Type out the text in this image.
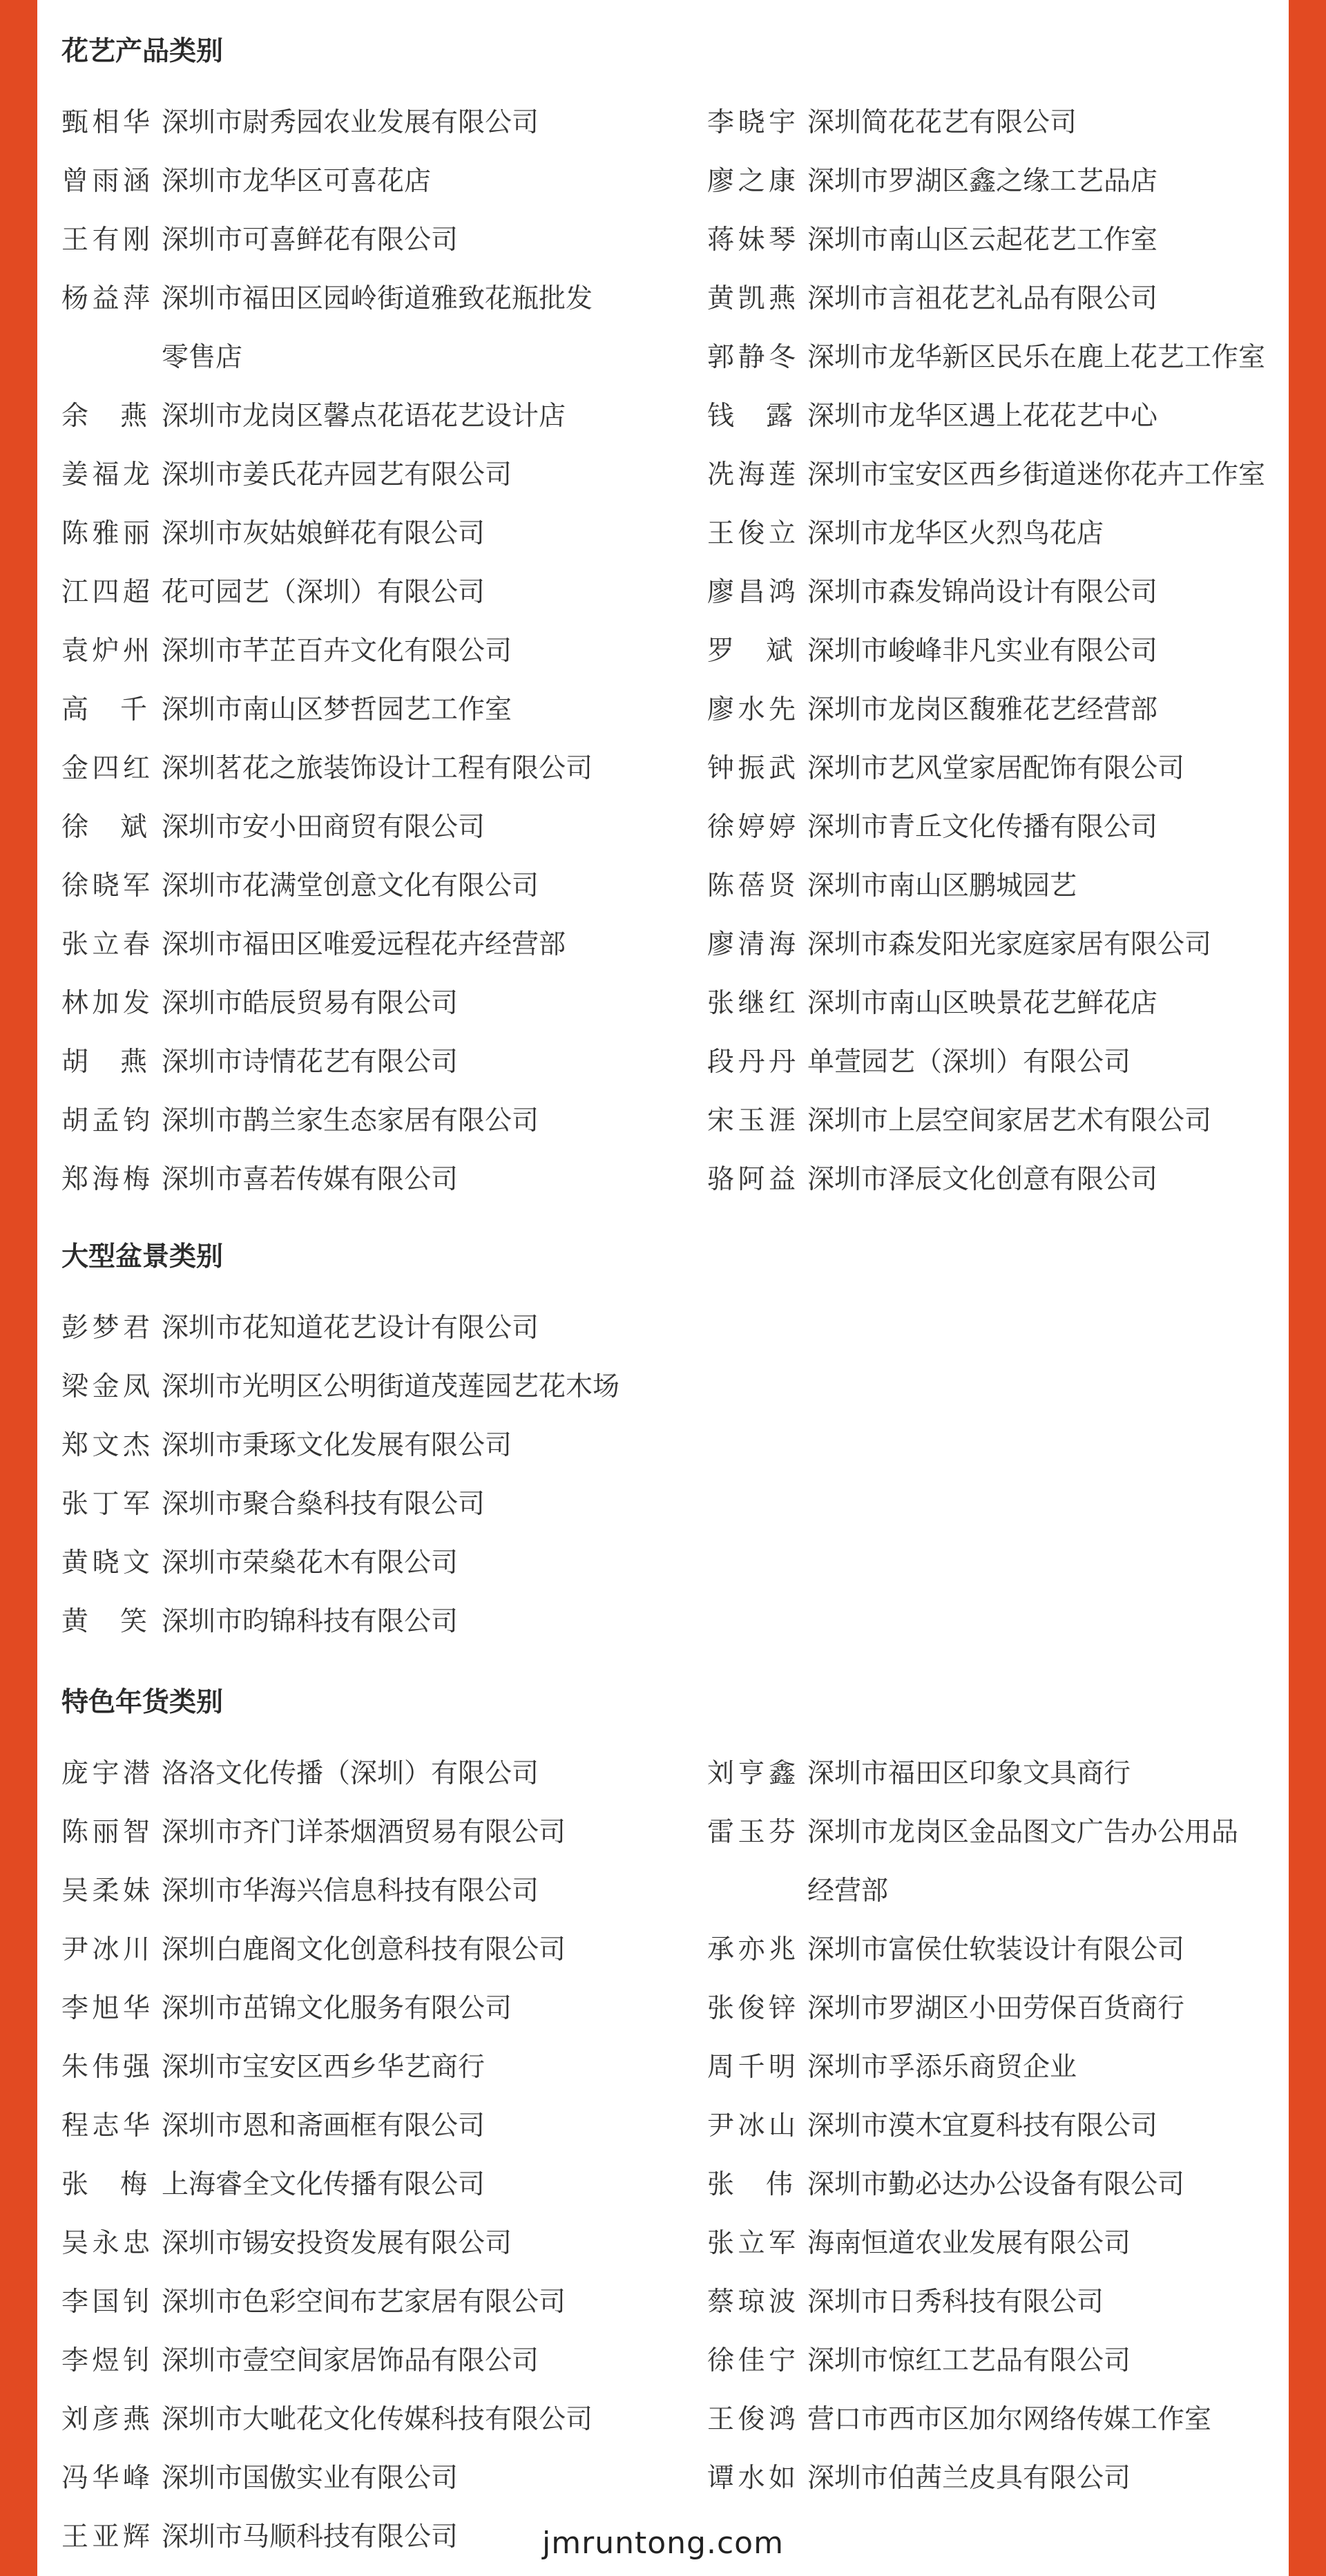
花艺产品类别
甄相华 深圳市尉秀园农业发展有限公司
曾雨涵 深圳市龙华区可喜花店
王有刚 深圳市可喜鲜花有限公司
杨益萍 深圳市福田区园岭街道雅致花瓶批发
零售店
余燕
深圳市龙岗区馨点花语花艺设计店
姜福龙 深圳市姜氏花卉园艺有限公司
陈雅丽 深圳市灰姑娘鲜花有限公司
江四超 花可园艺（深圳）有限公司
袁炉州 深圳市芊芷百卉文化有限公司
高千
深圳市南山区梦哲园艺工作室
金四红 深圳茗花之旅装饰设计工程有限公司
徐斌
深圳市安小田商贸有限公司
徐晓军 深圳市花满堂创意文化有限公司
张立春 深圳市福田区唯爱远程花卉经营部
林加发 深圳市皓辰贸易有限公司
胡燕
深圳市诗情花艺有限公司
胡孟钧 深圳市鹊兰家生态家居有限公司
郑海梅 深圳市喜若传媒有限公司
李晓宇 深圳简花花艺有限公司
廖之康 深圳市罗湖区鑫之缘工艺品店
蒋妹琴 深圳市南山区云起花艺工作室
黄凯燕 深圳市言祖花艺礼品有限公司
郭静冬 深圳市龙华新区民乐在鹿上花艺工作室
钱露
深圳市龙华区遇上花花艺中心
冼海莲 深圳市宝安区西乡街道迷你花卉工作室
王俊立 深圳市龙华区火烈鸟花店
廖昌鸿 深圳市森发锦尚设计有限公司
罗斌
深圳市峻峰非凡实业有限公司
廖水先 深圳市龙岗区馥雅花艺经营部
钟振武 深圳市艺风堂家居配饰有限公司
徐婷婷 深圳市青丘文化传播有限公司
陈蓓贤 深圳市南山区鹏城园艺
廖清海 深圳市森发阳光家庭家居有限公司
张继红 深圳市南山区映景花艺鲜花店
段丹丹 单萱园艺（深圳）有限公司
宋玉涯 深圳市上层空间家居艺术有限公司
骆阿益 深圳市泽辰文化创意有限公司
大型盆景类别
彭梦君 深圳市花知道花艺设计有限公司
梁金凤 深圳市光明区公明街道茂莲园艺花木场
郑文杰 深圳市秉琢文化发展有限公司
张丁军 深圳市聚合燊科技有限公司
黄晓文 深圳市荣燊花木有限公司
黄笑
深圳市昀锦科技有限公司
特色年货类别
庞宇潜 洛洛文化传播（深圳）有限公司
陈丽智 深圳市齐门详茶烟酒贸易有限公司
吴柔妹 深圳市华海兴信息科技有限公司
尹冰川 深圳白鹿阁文化创意科技有限公司
李旭华 深圳市茁锦文化服务有限公司
朱伟强 深圳市宝安区西乡华艺商行
程志华 深圳市恩和斋画框有限公司
张梅
上海睿全文化传播有限公司
吴永忠 深圳市锡安投资发展有限公司
李国钊 深圳市色彩空间布艺家居有限公司
李煜钊 深圳市壹空间家居饰品有限公司
刘彦燕 深圳市大呲花文化传媒科技有限公司
冯华峰 深圳市国傲实业有限公司
王亚辉 深圳市马顺科技有限公司
刘亨鑫 深圳市福田区印象文具商行
雷玉芬 深圳市龙岗区金品图文广告办公用品
经营部
承亦兆 深圳市富侯仕软装设计有限公司
张俊锌 深圳市罗湖区小田劳保百货商行
周千明 深圳市孚添乐商贸企业
尹冰山 深圳市漠木宜夏科技有限公司
张伟
深圳市勤必达办公设备有限公司
张立军 海南恒道农业发展有限公司
蔡琼波 深圳市日秀科技有限公司
徐佳宁 深圳市惊红工艺品有限公司
王俊鸿 营口市西市区加尔网络传媒工作室
谭水如 深圳市伯茜兰皮具有限公司
jmruntong.com
